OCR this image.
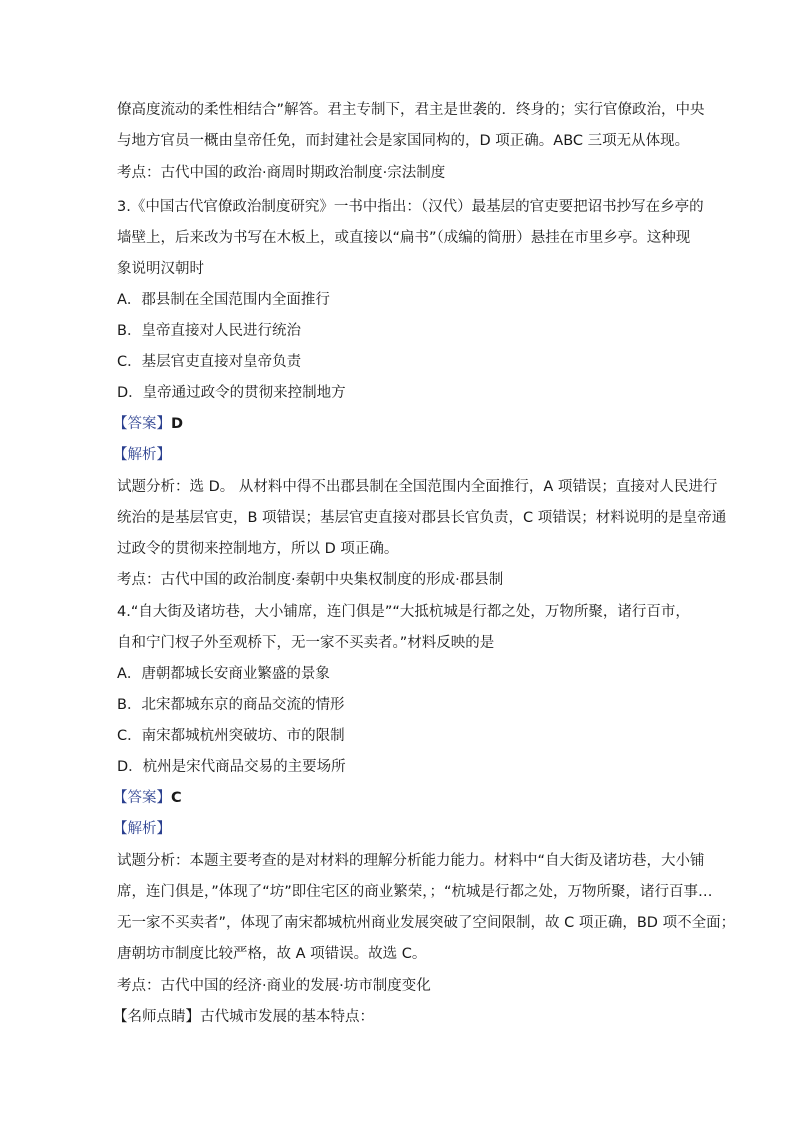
僚高度流动的柔性相结合”解答。君主专制下，君主是世袭的．终身的；实行官僚政治，中央
与地方官员一概由皇帝任免，而封建社会是家国同构的，D 项正确。ABC 三项无从体现。
考点：古代中国的政治·商周时期政治制度·宗法制度
3.《中国古代官僚政治制度研究》一书中指出：（汉代）最基层的官吏要把诏书抄写在乡亭的
墙壁上，后来改为书写在木板上，或直接以“扁书”（成编的简册）悬挂在市里乡亭。这种现
象说明汉朝时
A．郡县制在全国范围内全面推行
B．皇帝直接对人民进行统治
C．基层官吏直接对皇帝负责
D．皇帝通过政令的贯彻来控制地方
【答案】D
【解析】
试题分析：选 D。 从材料中得不出郡县制在全国范围内全面推行，A 项错误；直接对人民进行
统治的是基层官吏，B 项错误；基层官吏直接对郡县长官负责，C 项错误；材料说明的是皇帝通
过政令的贯彻来控制地方，所以 D 项正确。
考点：古代中国的政治制度·秦朝中央集权制度的形成·郡县制
4.“自大街及诸坊巷，大小铺席，连门俱是”“大抵杭城是行都之处，万物所聚，诸行百市，
自和宁门杈子外至观桥下，无一家不买卖者。”材料反映的是
A．唐朝都城长安商业繁盛的景象
B．北宋都城东京的商品交流的情形
C．南宋都城杭州突破坊、市的限制
D．杭州是宋代商品交易的主要场所
【答案】C
【解析】
试题分析：本题主要考查的是对材料的理解分析能力能力。材料中“自大街及诸坊巷，大小铺
席，连门俱是，”体现了“坊”即住宅区的商业繁荣，；“杭城是行都之处，万物所聚，诸行百事…
无一家不买卖者”，体现了南宋都城杭州商业发展突破了空间限制，故 C 项正确，BD 项不全面；
唐朝坊市制度比较严格，故 A 项错误。故选 C。
考点：古代中国的经济·商业的发展·坊市制度变化
【名师点睛】古代城市发展的基本特点：
